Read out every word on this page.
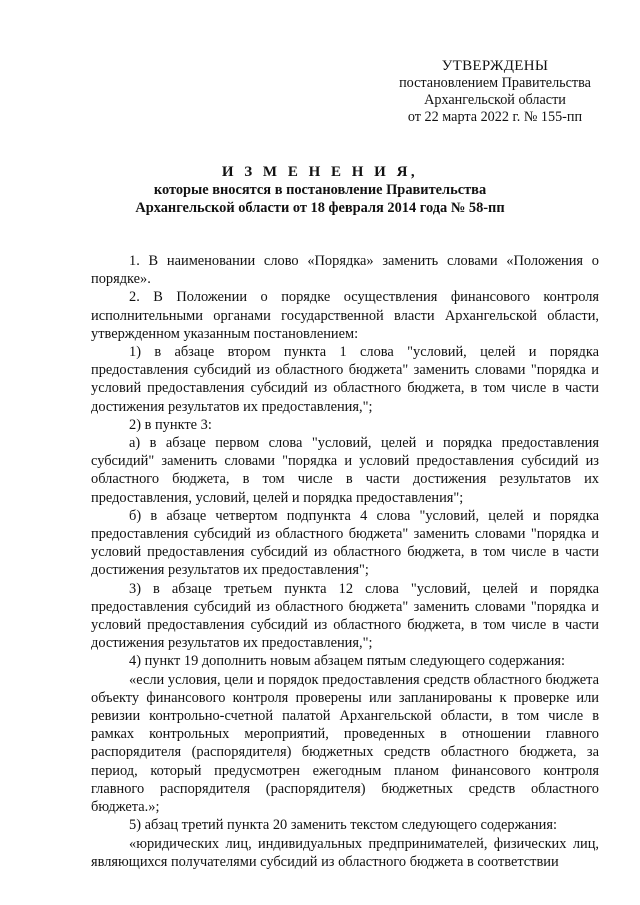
УТВЕРЖДЕНЫ
постановлением Правительства
Архангельской области
от 22 марта 2022 г. № 155-пп
И З М Е Н Е Н И Я,
которые вносятся в постановление Правительства
Архангельской области от 18 февраля 2014 года № 58-пп

1. В наименовании слово «Порядка» заменить словами «Положения о порядке».

2. В Положении о порядке осуществления финансового контроля исполнительными органами государственной власти Архангельской области, утвержденном указанным постановлением:

1) в абзаце втором пункта 1 слова "условий, целей и порядка предоставления субсидий из областного бюджета" заменить словами "порядка и условий предоставления субсидий из областного бюджета, в том числе в части достижения результатов их предоставления,";

2) в пункте 3:

а) в абзаце первом слова "условий, целей и порядка предоставления субсидий" заменить словами "порядка и условий предоставления субсидий из областного бюджета, в том числе в части достижения результатов их предоставления, условий, целей и порядка предоставления";

б) в абзаце четвертом подпункта 4 слова "условий, целей и порядка предоставления субсидий из областного бюджета" заменить словами "порядка и условий предоставления субсидий из областного бюджета, в том числе в части достижения результатов их предоставления";

3) в абзаце третьем пункта 12 слова "условий, целей и порядка предоставления субсидий из областного бюджета" заменить словами "порядка и условий предоставления субсидий из областного бюджета, в том числе в части достижения результатов их предоставления,";

4) пункт 19 дополнить новым абзацем пятым следующего содержания:

«если условия, цели и порядок предоставления средств областного бюджета объекту финансового контроля проверены или запланированы к проверке или ревизии контрольно-счетной палатой Архангельской области, в том числе в рамках контрольных мероприятий, проведенных в отношении главного распорядителя (распорядителя) бюджетных средств областного бюджета, за период, который предусмотрен ежегодным планом финансового контроля главного распорядителя (распорядителя) бюджетных средств областного бюджета.»;

5) абзац третий пункта 20 заменить текстом следующего содержания:

«юридических лиц, индивидуальных предпринимателей, физических лиц, являющихся получателями субсидий из областного бюджета в соответствии
